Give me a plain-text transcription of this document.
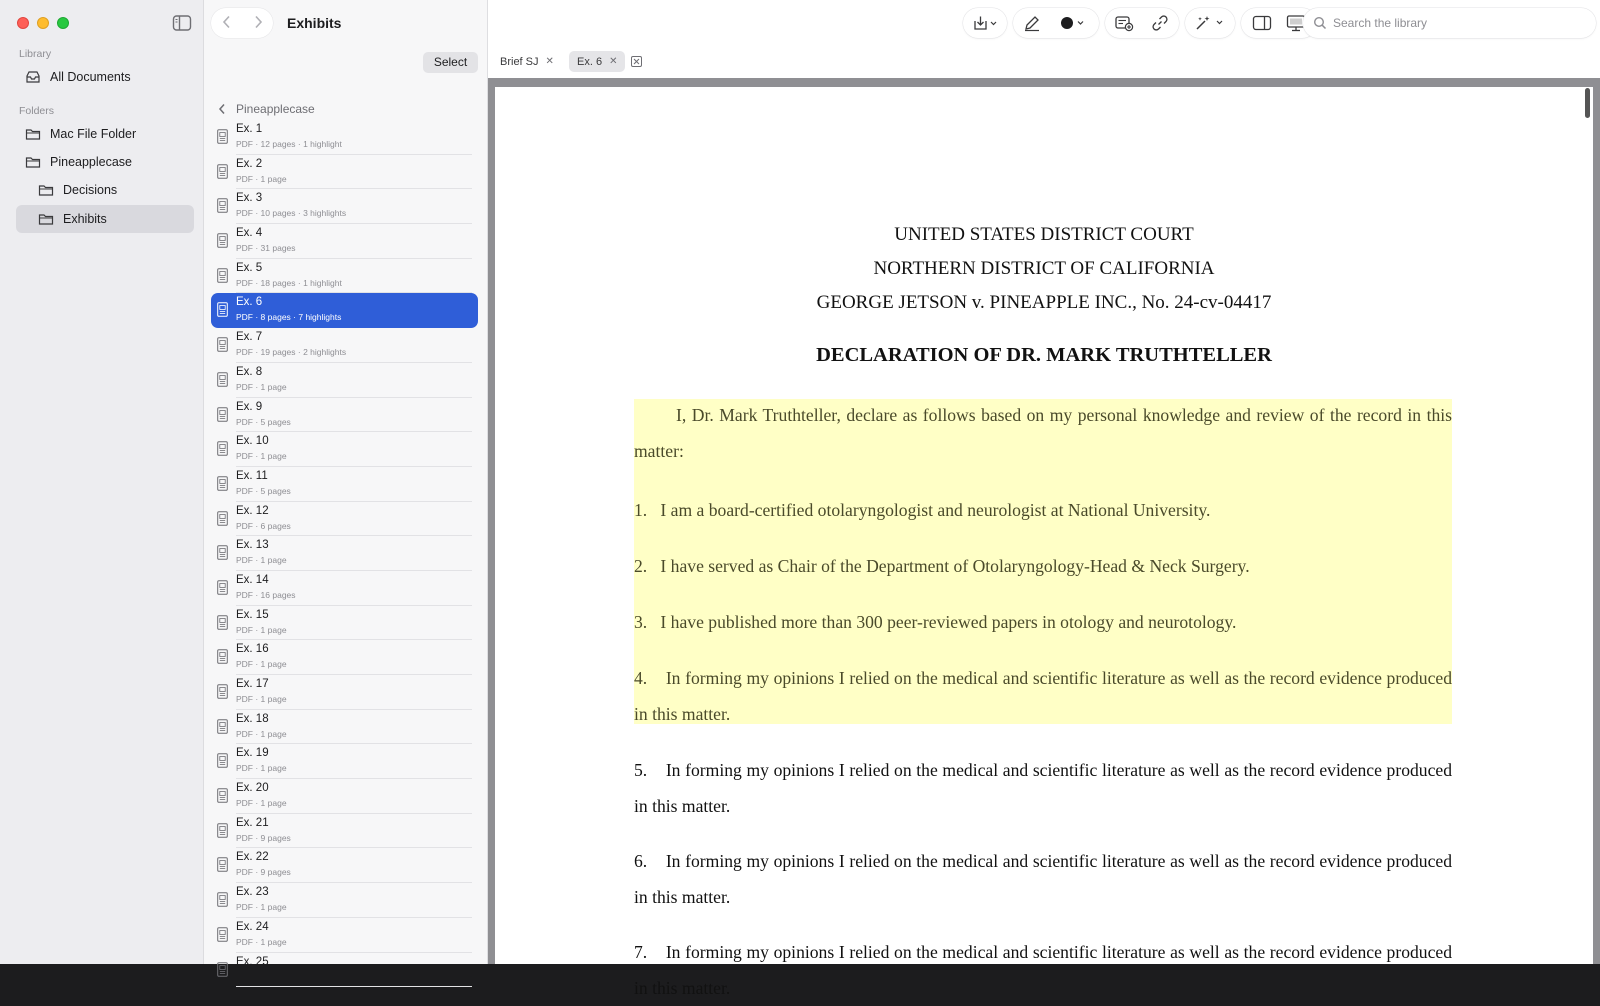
Library
All Documents
Folders
Mac File Folder
Pineapplecase
Decisions
Exhibits
Exhibits
Select
Pineapplecase
Ex. 1
PDF · 12 pages · 1 highlight
Ex. 2
PDF · 1 page
Ex. 3
PDF · 10 pages · 3 highlights
Ex. 4
PDF · 31 pages
Ex. 5
PDF · 18 pages · 1 highlight
Ex. 6
PDF · 8 pages · 7 highlights
Ex. 7
PDF · 19 pages · 2 highlights
Ex. 8
PDF · 1 page
Ex. 9
PDF · 5 pages
Ex. 10
PDF · 1 page
Ex. 11
PDF · 5 pages
Ex. 12
PDF · 6 pages
Ex. 13
PDF · 1 page
Ex. 14
PDF · 16 pages
Ex. 15
PDF · 1 page
Ex. 16
PDF · 1 page
Ex. 17
PDF · 1 page
Ex. 18
PDF · 1 page
Ex. 19
PDF · 1 page
Ex. 20
PDF · 1 page
Ex. 21
PDF · 9 pages
Ex. 22
PDF · 9 pages
Ex. 23
PDF · 1 page
Ex. 24
PDF · 1 page
Ex. 25
Search the library
Brief SJ ✕ Ex. 6 ✕
UNITED STATES DISTRICT COURT
NORTHERN DISTRICT OF CALIFORNIA
GEORGE JETSON v. PINEAPPLE INC., No. 24-cv-04417
DECLARATION OF DR. MARK TRUTHTELLER
I, Dr. Mark Truthteller, declare as follows based on my personal knowledge and review of the record in this matter:
1. I am a board-certified otolaryngologist and neurologist at National University.
2. I have served as Chair of the Department of Otolaryngology-Head & Neck Surgery.
3. I have published more than 300 peer-reviewed papers in otology and neurotology.
4. In forming my opinions I relied on the medical and scientific literature as well as the record evidence produced in this matter.
5. In forming my opinions I relied on the medical and scientific literature as well as the record evidence produced in this matter.
6. In forming my opinions I relied on the medical and scientific literature as well as the record evidence produced in this matter.
7. In forming my opinions I relied on the medical and scientific literature as well as the record evidence produced in this matter.
